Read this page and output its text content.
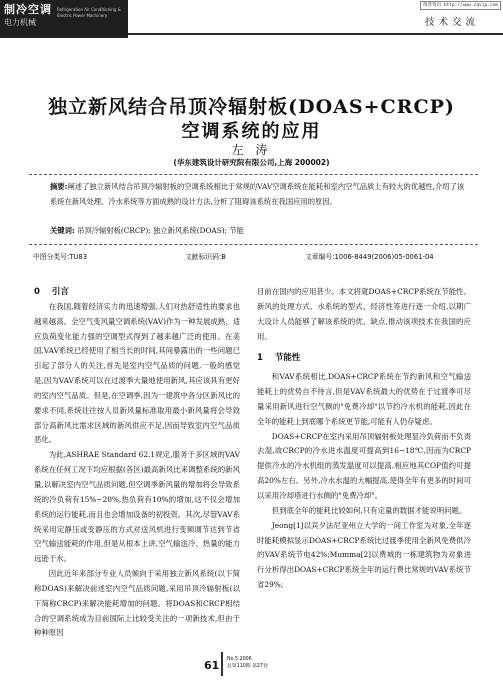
制冷空调
电力机械
Refrigeration Air Conditioning & Electric Power Machinery
维普资讯 http://www.cqvip.com
技术交流
独立新风结合吊顶冷辐射板(DOAS+CRCP)
空调系统的应用
左 涛
(华东建筑设计研究院有限公司,上海 200002)
摘要:阐述了独立新风结合吊顶冷辐射板的空调系统相比于常规的VAV空调系统在能耗和室内空气品质上有较大的优越性,介绍了该系统在新风处理、冷水系统等方面成熟的设计方法,分析了阻碍该系统在我国应用的原因。
关键词: 吊顶冷辐射板(CRCP); 独立新风系统(DOAS); 节能
中图分类号:TU83	文献标识码:B	文章编号:1006-8449(2006)05-0061-04
0 引言

在我国,随着经济实力的迅速增强,人们对热舒适性的要求也越来越高。全空气变风量空调系统(VAV)作为一种发展成熟、适应负荷变化能力强的空调型式得到了越来越广泛的使用。在美国,VAV系统已经使用了相当长的时间,其间暴露出的一些问题已引起了部分人的关注,首先是室内空气品质的问题,一般的感觉是,因为VAV系统可以在过渡季大量地使用新风,其应该具有更好的室内空气品质。但是,在空调季,因为一建筑中各分区新风比的要求不同,系统往往按人员新风量标准取用最小新风量将会导致部分高新风比需求区域的新风供应不足,因而导致室内空气品质恶化。

为此,ASHRAE Standard 62.1规定,服务于多区域的VAV系统在任何工况下均应根据(各区)最高新风比来调整系统的新风量,以解决室内空气品质问题,但空调季新风量的增加将会导致系统的冷负荷有15%~20%,热负荷有10%的增加,这不仅会增加系统的运行能耗,而且也会增加设备的初投资。其次,尽管VAV系统采用定静压或变静压的方式对送风机进行变频调节达到节省空气输送能耗的作用,但是从根本上讲,空气输送冷、热量的能力远逊于水。

因此近年来部分专业人员倾向于采用独立新风系统(以下简称DOAS)来解决前述室内空气品质问题,采用吊顶冷辐射板(以下简称CRCP)来解决能耗增加的问题。将DOAS和CRCP相结合的空调系统成为目前国际上比较受关注的一项新技术,但由于种种原因

目前在国内的应用甚少。本文将就DOAS+CRCP系统在节能性、新风的处理方式、水系统的型式、经济性等进行逐一介绍,以期广大设计人员能够了解该系统的优、缺点,推动该项技术在我国的应用。

1 节能性

和VAV系统相比,DOAS+CRCP系统在节约新风和空气输送能耗上的优势自不待言,但是VAV系统最大的优势在于过渡季可尽量采用新风进行空气侧的"免费冷却"以节约冷水机的能耗,因此在全年的能耗上到底哪个系统更节能,可能有人仍存疑虑。

DOAS+CRCP在室内采用吊顶辐射板处理显冷负荷而不负责去湿,故CRCP的冷水进水温度可提高到16~18℃,因而为CRCP提供冷水的冷水机组的蒸发温度可以提高,相应地其COP值约可提高20%左右。另外,冷水水温的大幅提高,使得全年有更多的时间可以采用冷却塔进行水侧的"免费冷却"。

但到底全年的能耗比较如何,只有定量的数据才能说明问题。

Jeong[1]以宾夕法尼亚州立大学的一间工作室为对象,全年逐时能耗模拟显示DOAS+CRCP系统比过渡季使用全新风免费供冷的VAV系统节电42%;Mumma[2]以费城的一栋建筑物为对象进行分析得出DOAS+CRCP系统全年的运行费比常规的VAV系统节省29%;

61 No.5 2006
总第110期 第27卷
